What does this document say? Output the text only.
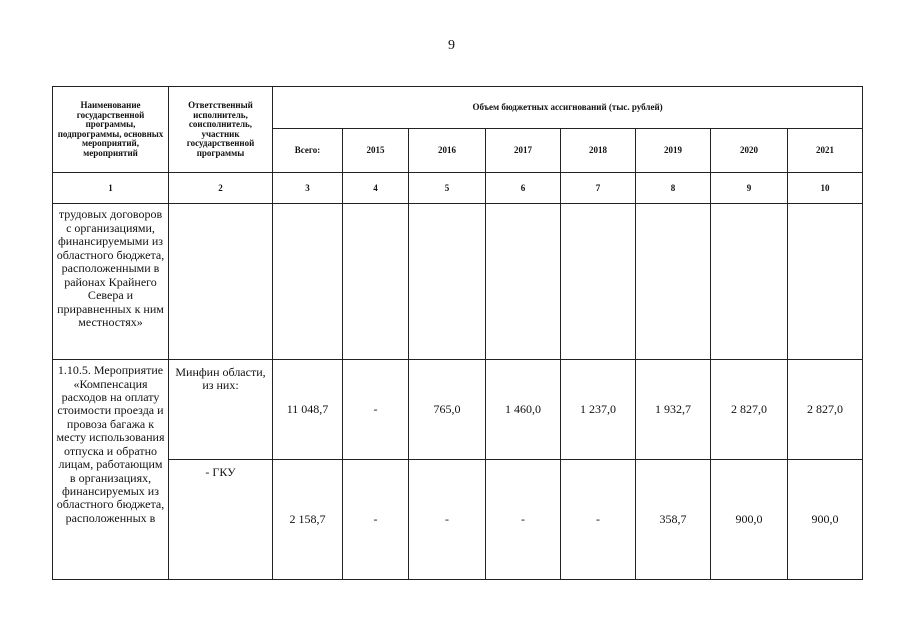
9
Наименование государственной программы, подпрограммы, основных мероприятий, мероприятий	Ответственный исполнитель, соисполнитель, участник государственной программы	Объем бюджетных ассигнований (тыс. рублей)							
		Всего:	2015	2016	2017	2018	2019	2020	2021
1	2	3	4	5	6	7	8	9	10
трудовых договоров с организациями, финансируемыми из областного бюджета, расположенными в районах Крайнего Севера и приравненных к ним местностях»									
1.10.5. Мероприятие «Компенсация расходов на оплату стоимости проезда и провоза багажа к месту использования отпуска и обратно лицам, работающим в организациях, финансируемых из областного бюджета, расположенных в	Минфин области, из них:	11 048,7	-	765,0	1 460,0	1 237,0	1 932,7	2 827,0	2 827,0
	- ГКУ	2 158,7	-	-	-	-	358,7	900,0	900,0
